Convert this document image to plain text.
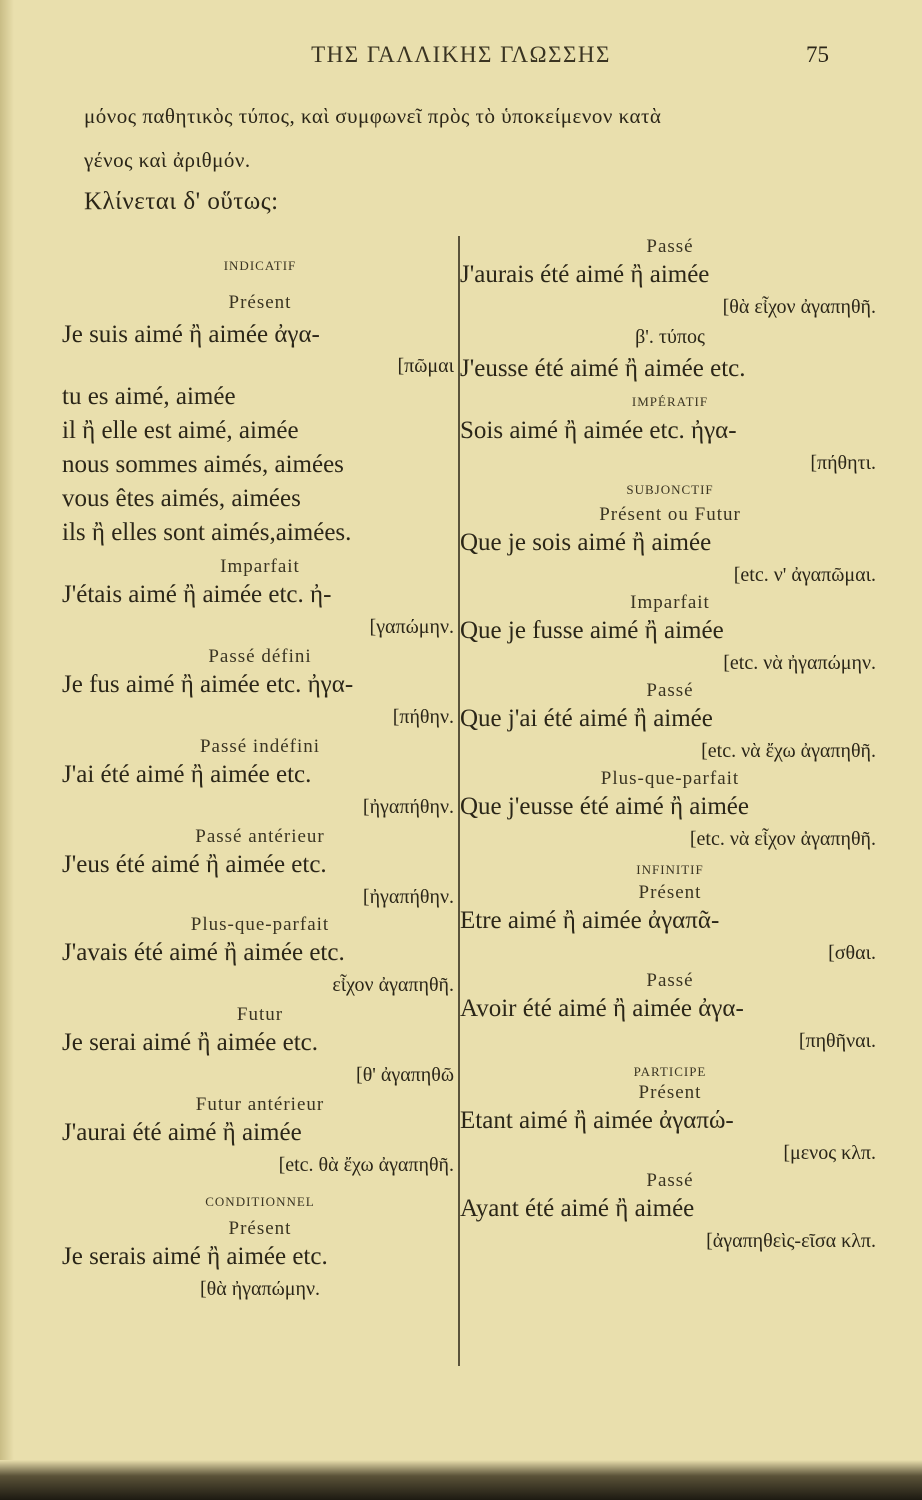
ΤΗΣ ΓΑΛΛΙΚΗΣ ΓΛΩΣΣΗΣ	75
μόνος παθητικὸς τύπος, καὶ συμφωνεῖ πρὸς τὸ ὑποκείμενον κατὰ
γένος καὶ ἀριθμόν.
Κλίνεται δ' οὕτως:

INDICATIF

Présent

Je suis aimé ἢ aimée ἀγα-

[πῶμαι

tu es aimé, aimée

il ἢ elle est aimé, aimée

nous sommes aimés, aimées

vous êtes aimés, aimées

ils ἢ elles sont aimés,aimées.

Imparfait

J'étais aimé ἢ aimée etc. ἠ-

[γαπώμην.

Passé défini

Je fus aimé ἢ aimée etc. ἠγα-

[πήθην.

Passé indéfini

J'ai été aimé ἢ aimée etc.

[ἠγαπήθην.

Passé antérieur

J'eus été aimé ἢ aimée etc.

[ἠγαπήθην.

Plus-que-parfait

J'avais été aimé ἢ aimée etc.

εἶχον ἀγαπηθῆ.

Futur

Je serai aimé ἢ aimée etc.

[θ' ἀγαπηθῶ

Futur antérieur

J'aurai été aimé ἢ aimée

[etc. θὰ ἔχω ἀγαπηθῆ.

CONDITIONNEL

Présent

Je serais aimé ἢ aimée etc.

[θὰ ἠγαπώμην.

Passé

J'aurais été aimé ἢ aimée

[θὰ εἶχον ἀγαπηθῆ.

β'. τύπος

J'eusse été aimé ἢ aimée etc.

IMPÉRATIF

Sois aimé ἢ aimée etc. ἠγα-

[πήθητι.

SUBJONCTIF

Présent ou Futur

Que je sois aimé ἢ aimée

[etc. ν' ἀγαπῶμαι.

Imparfait

Que je fusse aimé ἢ aimée

[etc. νὰ ἠγαπώμην.

Passé

Que j'ai été aimé ἢ aimée

[etc. νὰ ἔχω ἀγαπηθῆ.

Plus-que-parfait

Que j'eusse été aimé ἢ aimée

[etc. νὰ εἶχον ἀγαπηθῆ.

INFINITIF

Présent

Etre aimé ἢ aimée ἀγαπᾶ-

[σθαι.

Passé

Avoir été aimé ἢ aimée ἀγα-

[πηθῆναι.

PARTICIPE

Présent

Etant aimé ἢ aimée ἀγαπώ-

[μενος κλπ.

Passé

Ayant été aimé ἢ aimée

[ἀγαπηθεὶς-εῖσα κλπ.
